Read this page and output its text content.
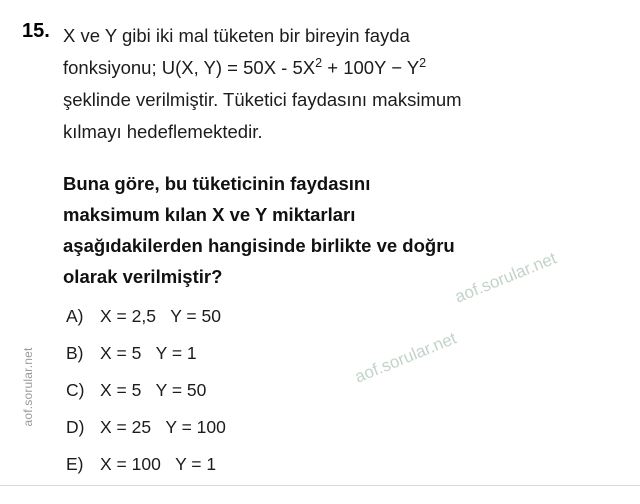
aof.sorular.net
15. X ve Y gibi iki mal tüketen bir bireyin fayda

fonksiyonu; U(X, $Y) = 50X - 5X^2 + 100Y - Y^2$

şeklinde verilmiştir. Tüketici faydasını maksimum

kılmayı hedeflemektedir.

Buna göre, bu tüketicinin faydasını

maksimum kılan X ve Y miktarları

aşağıdakilerden hangisinde birlikte ve doğru

olarak verilmiştir?

A) X = 2,5   Y = 50
B) X = 5   Y = 1
C) X = 5   Y = 50
D) X = 25   Y = 100
E) X = 100   Y = 1
aof.sorular.net
aof.sorular.net
